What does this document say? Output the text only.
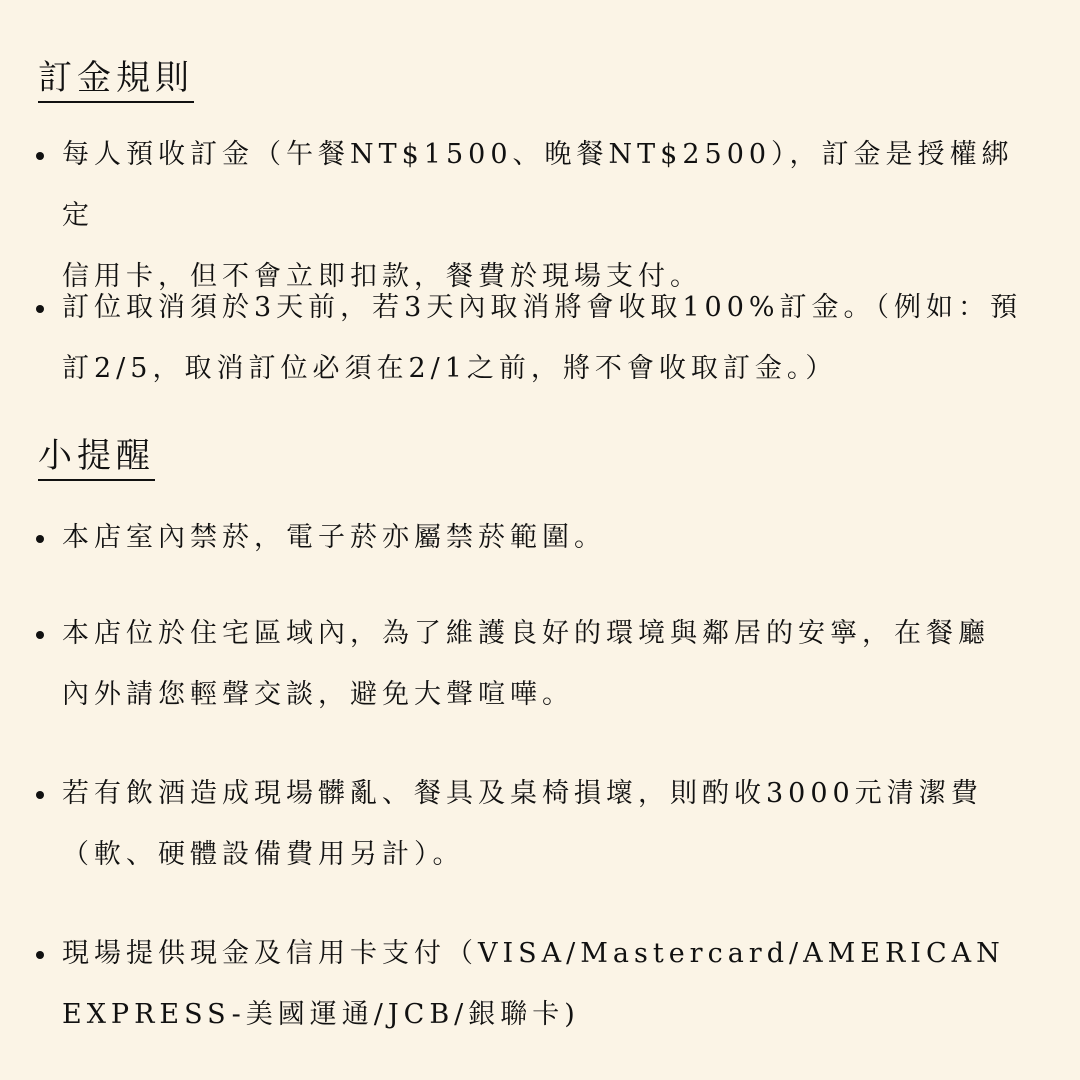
訂金規則

每人預收訂金（午餐NT$1500、晚餐NT$2500），訂金是授權綁定
信用卡，但不會立即扣款，餐費於現場支付。

訂位取消須於3天前，若3天內取消將會收取100%訂金。（例如：預
訂2/5，取消訂位必須在2/1之前，將不會收取訂金。）

小提醒

本店室內禁菸，電子菸亦屬禁菸範圍。

本店位於住宅區域內，為了維護良好的環境與鄰居的安寧，在餐廳
內外請您輕聲交談，避免大聲喧嘩。

若有飲酒造成現場髒亂、餐具及桌椅損壞，則酌收3000元清潔費
（軟、硬體設備費用另計）。

現場提供現金及信用卡支付（VISA/Mastercard/AMERICAN
EXPRESS-美國運通/JCB/銀聯卡)
